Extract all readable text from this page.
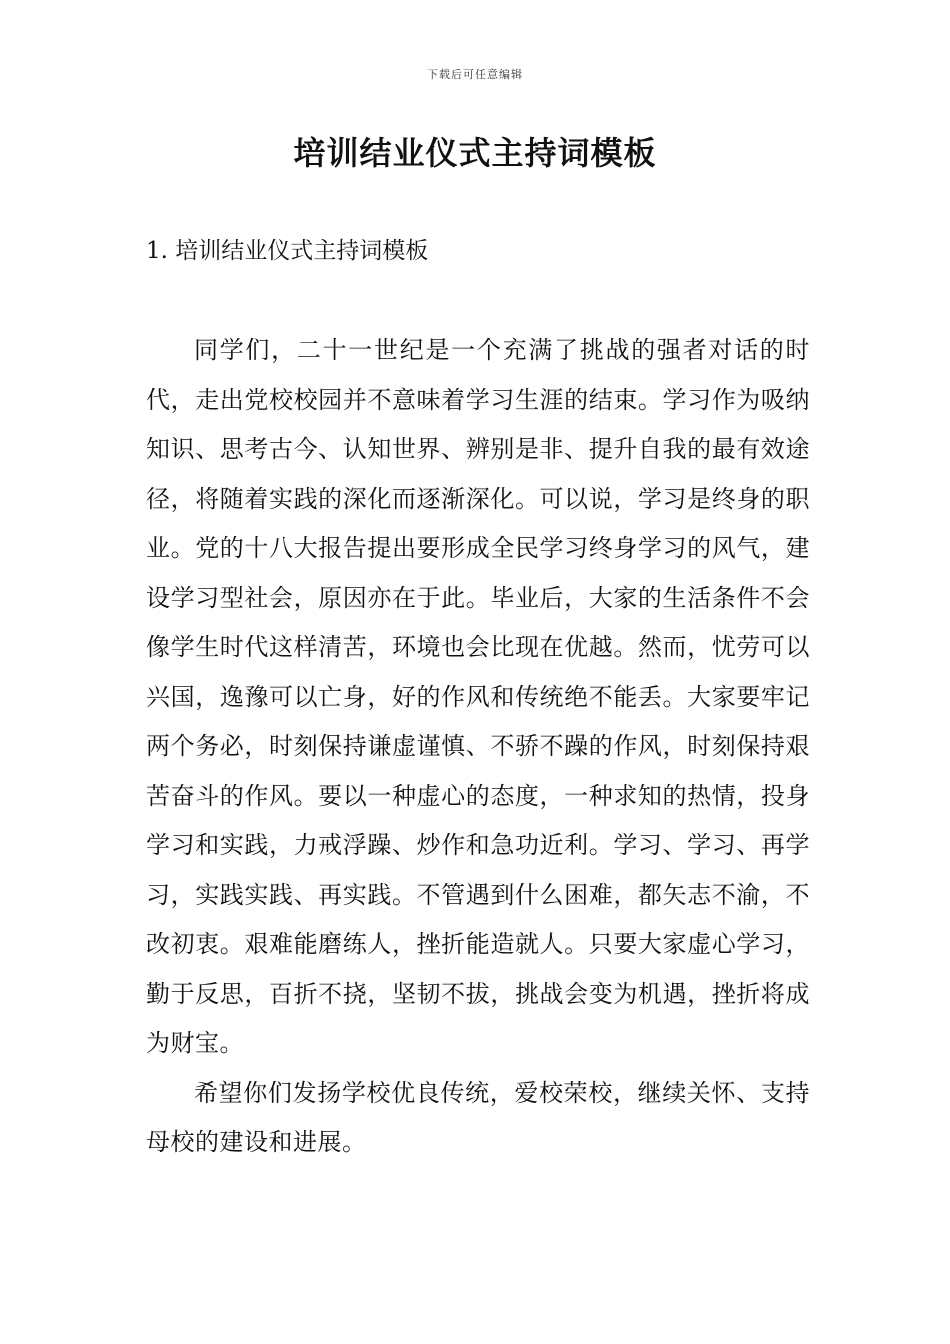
下载后可任意编辑
培训结业仪式主持词模板
1. 培训结业仪式主持词模板

同学们，二十一世纪是一个充满了挑战的强者对话的时代，走出党校校园并不意味着学习生涯的结束。学习作为吸纳知识、思考古今、认知世界、辨别是非、提升自我的最有效途径，将随着实践的深化而逐渐深化。可以说，学习是终身的职业。党的十八大报告提出要形成全民学习终身学习的风气，建设学习型社会，原因亦在于此。毕业后，大家的生活条件不会像学生时代这样清苦，环境也会比现在优越。然而，忧劳可以兴国，逸豫可以亡身，好的作风和传统绝不能丢。大家要牢记两个务必，时刻保持谦虚谨慎、不骄不躁的作风，时刻保持艰苦奋斗的作风。要以一种虚心的态度，一种求知的热情，投身学习和实践，力戒浮躁、炒作和急功近利。学习、学习、再学习，实践实践、再实践。不管遇到什么困难，都矢志不渝，不改初衷。艰难能磨练人，挫折能造就人。只要大家虚心学习，勤于反思，百折不挠，坚韧不拔，挑战会变为机遇，挫折将成为财宝。

希望你们发扬学校优良传统，爱校荣校，继续关怀、支持母校的建设和进展。
